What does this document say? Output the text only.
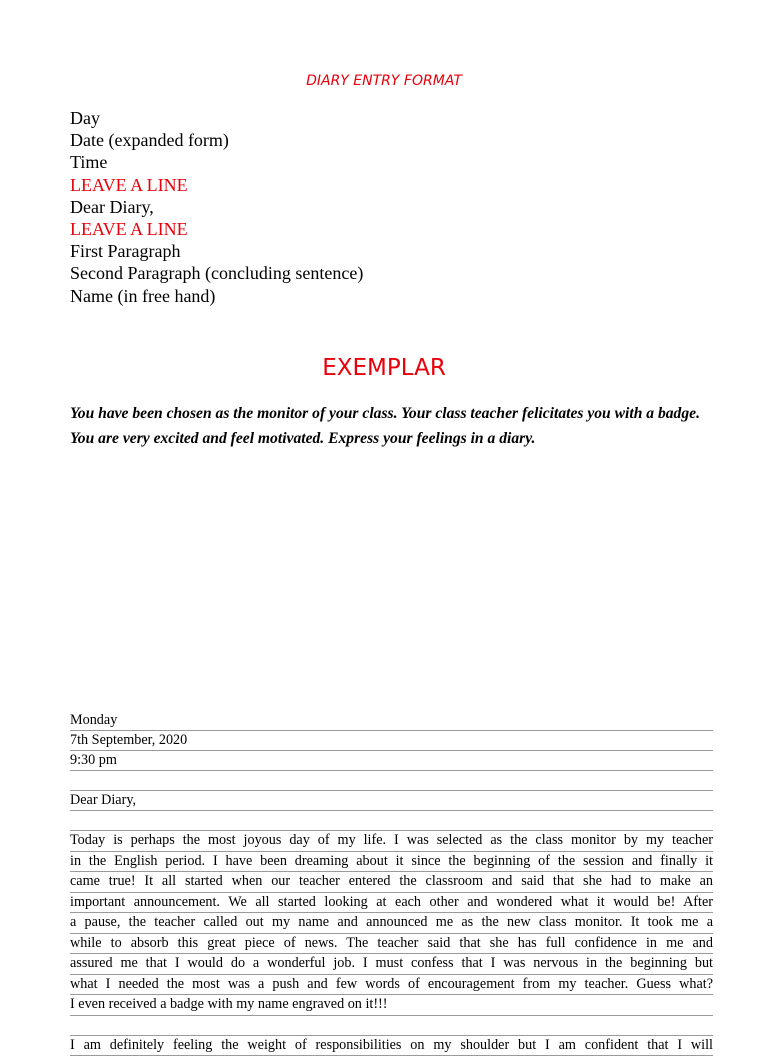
DIARY ENTRY FORMAT
Day
Date (expanded form)
Time
LEAVE A LINE
Dear Diary,
LEAVE A LINE
First Paragraph
Second Paragraph (concluding sentence)
Name (in free hand)
EXEMPLAR
You have been chosen as the monitor of your class. Your class teacher felicitates you with a badge. You are very excited and feel motivated. Express your feelings in a diary.
Monday
7th September, 2020
9:30 pm
Dear Diary,
Today is perhaps the most joyous day of my life. I was selected as the class monitor by my teacher
in the English period. I have been dreaming about it since the beginning of the session and finally it
came true! It all started when our teacher entered the classroom and said that she had to make an
important announcement. We all started looking at each other and wondered what it would be! After
a pause, the teacher called out my name and announced me as the new class monitor. It took me a
while to absorb this great piece of news. The teacher said that she has full confidence in me and
assured me that I would do a wonderful job. I must confess that I was nervous in the beginning but
what I needed the most was a push and few words of encouragement from my teacher. Guess what?
I even received a badge with my name engraved on it!!!
I am definitely feeling the weight of responsibilities on my shoulder but I am confident that I will
